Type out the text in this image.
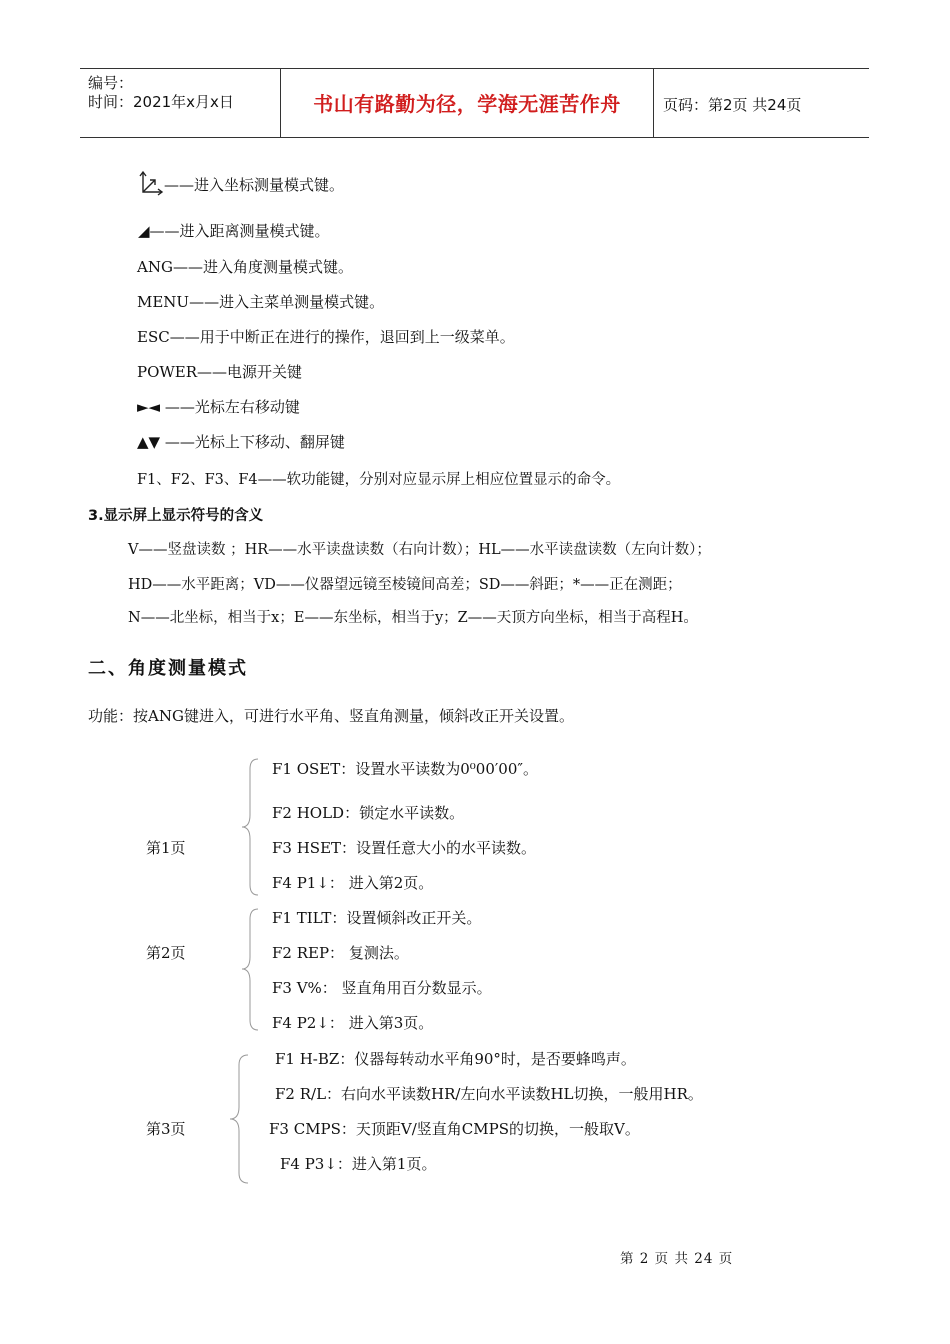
编号：
时间：2021年x月x日	书山有路勤为径，学海无涯苦作舟	页码：第2页 共24页
——进入坐标测量模式键。
◢——进入距离测量模式键。
ANG——进入角度测量模式键。
MENU——进入主菜单测量模式键。
ESC——用于中断正在进行的操作，退回到上一级菜单。
POWER——电源开关键
►◄ ——光标左右移动键
▲▼ ——光标上下移动、翻屏键
F1、F2、F3、F4——软功能键，分别对应显示屏上相应位置显示的命令。
3.显示屏上显示符号的含义
V——竖盘读数 ；HR——水平读盘读数（右向计数）；HL——水平读盘读数（左向计数）；
HD——水平距离；VD——仪器望远镜至棱镜间高差；SD——斜距；*——正在测距；
N——北坐标，相当于x；E——东坐标，相当于y；Z——天顶方向坐标，相当于高程H。
二、角度测量模式
功能：按ANG键进入，可进行水平角、竖直角测量，倾斜改正开关设置。
第1页
F1 OSET：设置水平读数为0⁰00′00″。
F2 HOLD：锁定水平读数。
F3 HSET：设置任意大小的水平读数。
F4 P1↓： 进入第2页。
第2页
F1 TILT：设置倾斜改正开关。
F2 REP： 复测法。
F3 V%： 竖直角用百分数显示。
F4 P2↓： 进入第3页。
第3页
F1 H-BZ：仪器每转动水平角90°时，是否要蜂鸣声。
F2 R/L：右向水平读数HR/左向水平读数HL切换，一般用HR。
F3 CMPS：天顶距V/竖直角CMPS的切换，一般取V。
F4 P3↓：进入第1页。
第 2 页 共 24 页
